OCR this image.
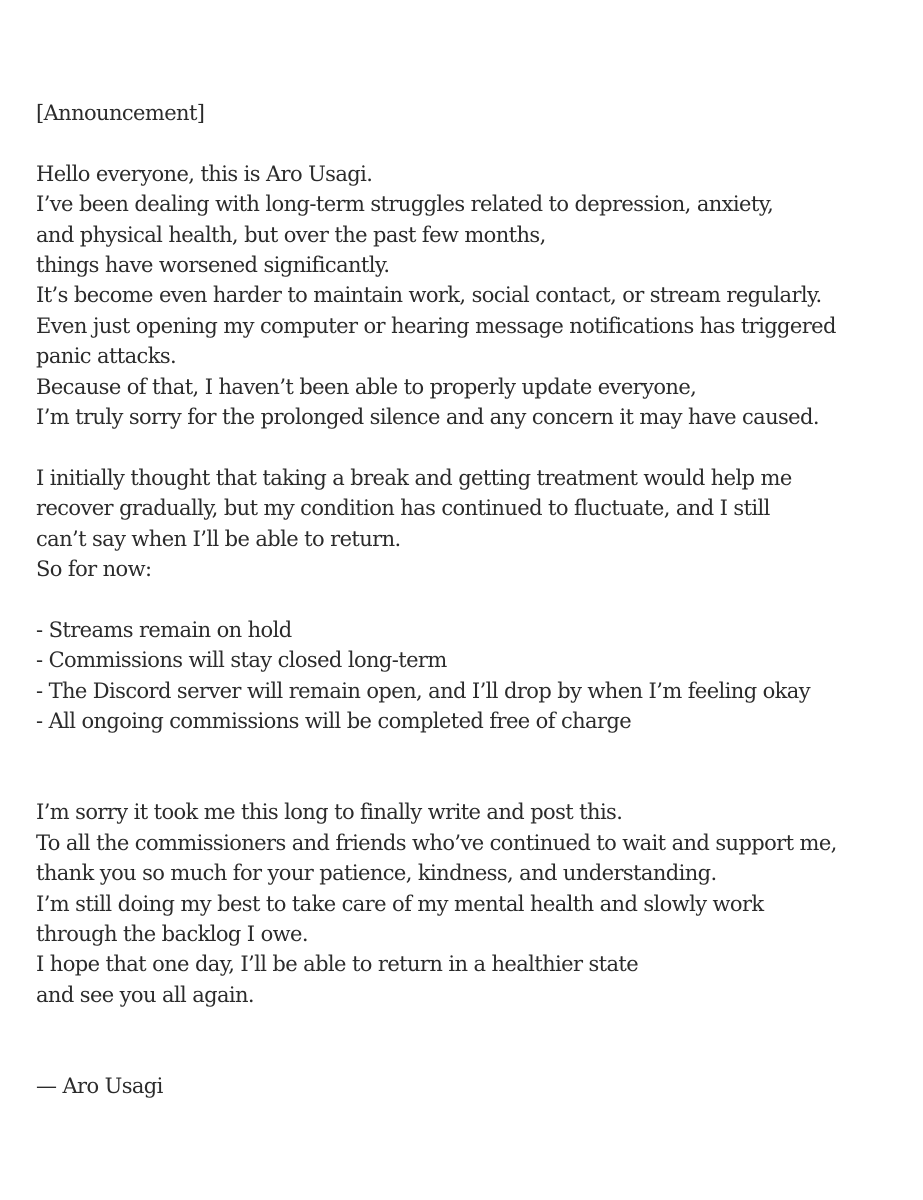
[Announcement]
Hello everyone, this is Aro Usagi.
I’ve been dealing with long-term struggles related to depression, anxiety,
and physical health, but over the past few months,
things have worsened significantly.
It’s become even harder to maintain work, social contact, or stream regularly.
Even just opening my computer or hearing message notifications has triggered
panic attacks.
Because of that, I haven’t been able to properly update everyone,
I’m truly sorry for the prolonged silence and any concern it may have caused.
I initially thought that taking a break and getting treatment would help me
recover gradually, but my condition has continued to fluctuate, and I still
can’t say when I’ll be able to return.
So for now:
- Streams remain on hold
- Commissions will stay closed long-term
- The Discord server will remain open, and I’ll drop by when I’m feeling okay
- All ongoing commissions will be completed free of charge
I’m sorry it took me this long to finally write and post this.
To all the commissioners and friends who’ve continued to wait and support me,
thank you so much for your patience, kindness, and understanding.
I’m still doing my best to take care of my mental health and slowly work
through the backlog I owe.
I hope that one day, I’ll be able to return in a healthier state
and see you all again.
— Aro Usagi
